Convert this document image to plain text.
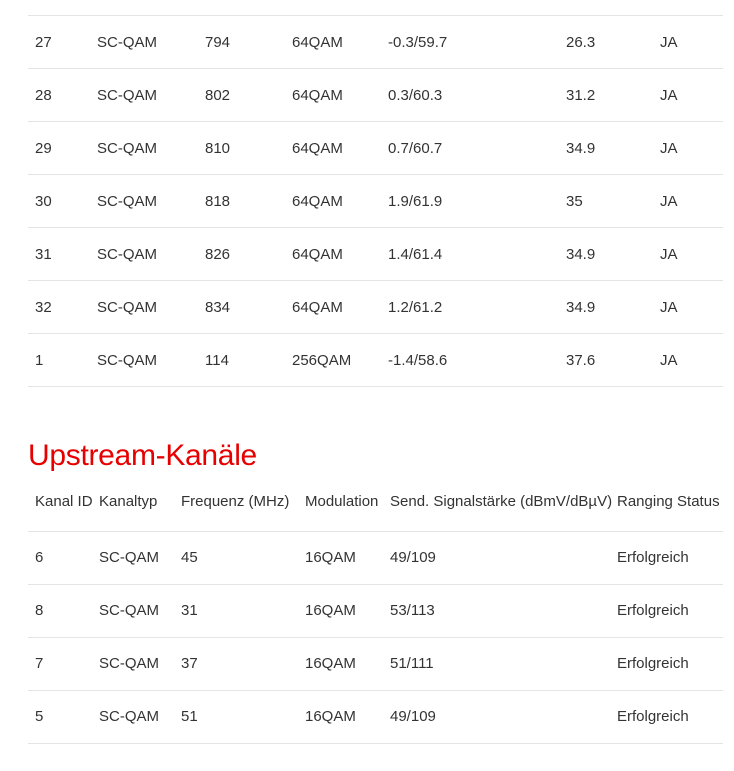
27	SC-QAM	794	64QAM	-0.3/59.7	26.3	JA
28	SC-QAM	802	64QAM	0.3/60.3	31.2	JA
29	SC-QAM	810	64QAM	0.7/60.7	34.9	JA
30	SC-QAM	818	64QAM	1.9/61.9	35	JA
31	SC-QAM	826	64QAM	1.4/61.4	34.9	JA
32	SC-QAM	834	64QAM	1.2/61.2	34.9	JA
1	SC-QAM	114	256QAM	-1.4/58.6	37.6	JA
Upstream-Kanäle
Kanal ID	Kanaltyp	Frequenz (MHz)	Modulation	Send. Signalstärke (dBmV/dBµV)	Ranging Status
6	SC-QAM	45	16QAM	49/109	Erfolgreich
8	SC-QAM	31	16QAM	53/113	Erfolgreich
7	SC-QAM	37	16QAM	51/111	Erfolgreich
5	SC-QAM	51	16QAM	49/109	Erfolgreich
